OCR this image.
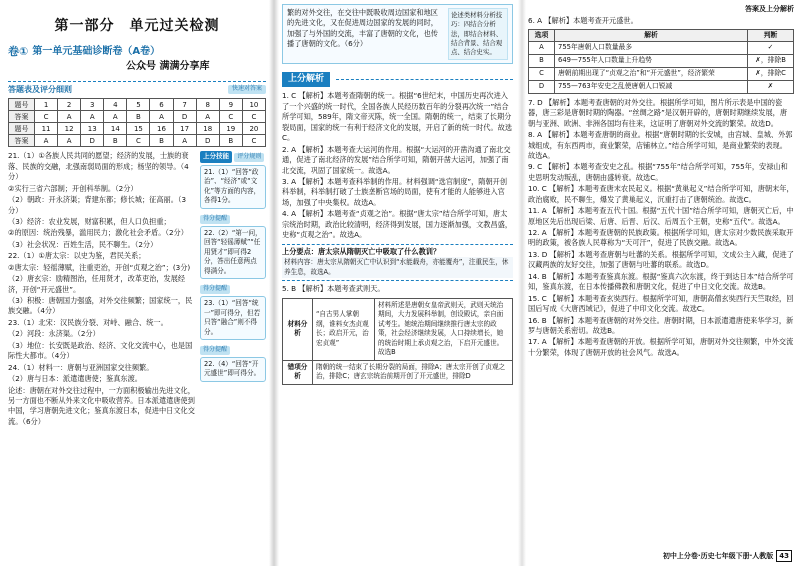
第一部分　单元过关检测
卷① 第一单元基础诊断卷（A卷）
公众号 满满分享库
答题表及评分细则	快速对答案
题号	1	2	3	4	5	6	7	8	9	10
答案	C	A	A	A	B	A	D	A	C	C
题号	11	12	13	14	15	16	17	18	19	20
答案	A	A	D	B	C	B	A	D	B	C

21.（1）①各族人民共同的愿望；经济的发展，士族的衰落、民族的交融，北强南弱局面的形成；杨坚的领导。（4分）

②实行三省六部制；开创科举制。（2分）

（2）朝政：开永济渠；背建东都；修长城；征高丽。（3分）

（3）经济：农业发展，财富积累，但人口负担重；

②的原因：统治残暴，滥用民力；激化社会矛盾。（2分）

（3）社会状况：百姓生活，民不聊生。（2分）

22.（1）①唐太宗：以史为鉴，君民关系；

②唐太宗：轻徭薄赋，注重吏治，开创“贞观之治”；(3分)

（2）唐玄宗：励精图治，任用贤才，改革吏治，发展经济，开创“开元盛世”。

（3）积极：唐朝国力强盛，对外交往频繁；国家统一，民族交融。（4分）

23.（1）北宋：汉民族分裂、对峙、融合、统一。

（2）河段：永济渠。（2分）

（3）地位：长安既是政治、经济、文化交流中心，也是国际性大都市。（4分）

24.（1）材料一：唐朝与亚洲国家交往频繁。

（2）唐与日本：派遣遣唐使；鉴真东渡。

论述：唐朝在对外交往过程中，一方面积极输出先进文化，另一方面也不断从外来文化中吸收营养。日本派遣遣唐使到中国，学习唐朝先进文化；鉴真东渡日本，促进中日文化交流。（6分）

上分技能 评分规则
21.（1）“回答“政治”、“经济”或“文化”等方面的内容，各得1分。
得分提醒
22.（2）“第一问，回答“轻徭薄赋”“任用贤才”即可得2分，答出任意两点得满分。
得分提醒
23.（1）“回答“统一”即可得分，但若只答“融合”则不得分。
得分提醒
22.（4）“回答“开元盛世”即可得分。
繁的对外交往，在交往中既吸收周边国家和地区的先进文化，又在促进周边国家的发展的同时，加强了与外国的交流，丰富了唐朝的文化，也传播了唐朝的文化。（6分）
论述类材料分析技巧：四结合分析法，即结合材料、结合背景、结合观点、结合史实。
上分解析

1. C 【解析】本题考查隋朝的统一。根据“6世纪末，中国历史再次进入了一个兴盛的统一时代，全国各族人民经历数百年的分裂再次统一”结合所学可知，589年，隋文帝灭陈，统一全国。隋朝的统一，结束了长期分裂局面，国家的统一有利于经济文化的发展，开启了新的统一时代。故选C。

2. A 【解析】本题考查大运河的作用。根据“大运河的开凿沟通了南北交通，促进了南北经济的发展”结合所学可知，隋朝开凿大运河，加强了南北交流，巩固了国家统一。故选A。

3. A 【解析】本题考查科举制的作用。材料强调“选官制度”，隋朝开创科举制，科举制打破了士族垄断官场的局面，使有才能的人能够进入官场，加强了中央集权。故选A。

4. A 【解析】本题考查“贞观之治”。根据“唐太宗”结合所学可知，唐太宗统治时期，政治比较清明，经济得到发展，国力逐渐加强，文教昌盛，史称“贞观之治”。故选A。

上分要点：唐太宗从隋朝灭亡中吸取了什么教训？

材料内容：唐太宗从隋朝灭亡中认识到“水能载舟，亦能覆舟”，注重民生，休养生息，故选A。

5. B 【解析】本题考查武则天。

材料分析	“自古男人掌朝纲，谁料女杰贞观长；政启开元，治宏贞观”	材料所述是唐朝女皇帝武则天，武则天统治期间，大力发展科举制，创设殿试，亲自面试考生。她统治期间继续推行唐太宗的政策，社会经济继续发展，人口持续增长，她的统治时期上承贞观之治，下启开元盛世。故选B
错项分析	隋朝的统一结束了长期分裂的局面，排除A；唐太宗开创了贞观之治，排除C；唐玄宗统治前期开创了开元盛世，排除D	
答案及上分解析

6. A 【解析】本题考查开元盛世。

选项	解析	判断
A	755年唐朝人口数量最多	✓
B	649—755年人口数量上升趋势	✗，排除B
C	唐朝前期出现了“贞观之治”和“开元盛世”，经济繁荣	✗，排除C
D	755—763年安史之乱使唐朝人口锐减	✗

7. D 【解析】本题考查唐朝的对外交往。根据所学可知，图片所示表是中国的瓷器，唐三彩是唐朝时期的陶器。“丝绸之路”是汉朝开辟的，唐朝时期继续发展，唐朝与亚洲、欧洲、非洲各国均有往来，这证明了唐朝对外交流的繁荣。故选D。

8. A 【解析】本题考查唐朝的商业。根据“唐朝时期的长安城，由宫城、皇城、外郭城组成，有东西两市，商业繁荣，店铺林立。”结合所学可知，是商业繁荣的表现。故选A。

9. C 【解析】本题考查安史之乱。根据“755年”结合所学可知，755年，安禄山和史思明发动叛乱，唐朝由盛转衰。故选C。

10. C 【解析】本题考查唐末农民起义。根据“黄巢起义”结合所学可知，唐朝末年，政治腐败，民不聊生，爆发了黄巢起义，沉重打击了唐朝统治。故选C。

11. A 【解析】本题考查五代十国。根据“五代十国”结合所学可知，唐朝灭亡后，中原地区先后出现后梁、后唐、后晋、后汉、后周五个王朝，史称“五代”。故选A。

12. A 【解析】本题考查唐朝的民族政策。根据所学可知，唐太宗对少数民族采取开明的政策，被各族人民尊称为“天可汗”，促进了民族交融。故选A。

13. D 【解析】本题考查唐朝与吐蕃的关系。根据所学可知，文成公主入藏，促进了汉藏两族的友好交往，加强了唐朝与吐蕃的联系。故选D。

14. B 【解析】本题考查鉴真东渡。根据“鉴真六次东渡，终于到达日本”结合所学可知，鉴真东渡，在日本传播佛教和唐朝文化，促进了中日文化交流。故选B。

15. C 【解析】本题考查玄奘西行。根据所学可知，唐朝高僧玄奘西行天竺取经，回国后写成《大唐西域记》，促进了中印文化交流。故选C。

16. B 【解析】本题考查唐朝的对外交往。唐朝时期，日本派遣遣唐使来华学习，新罗与唐朝关系密切。故选B。

17. A 【解析】本题考查唐朝的开放。根据所学可知，唐朝对外交往频繁，中外交流十分繁荣，体现了唐朝开放的社会风气。故选A。

初中上分卷·历史七年级下册·人教版 43
